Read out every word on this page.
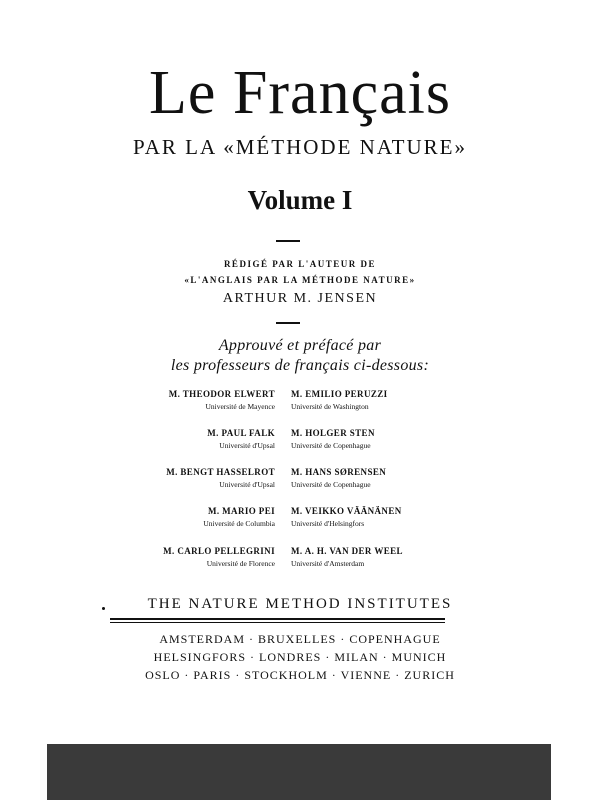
Le Français
PAR LA «MÉTHODE NATURE»
Volume I
RÉDIGÉ PAR L'AUTEUR DE
«L'ANGLAIS PAR LA MÉTHODE NATURE»
ARTHUR M. JENSEN
Approuvé et préfacé par
les professeurs de français ci-dessous:
M. THEODOR ELWERT
Université de Mayence
M. EMILIO PERUZZI
Université de Washington
M. PAUL FALK
Université d'Upsal
M. HOLGER STEN
Université de Copenhague
M. BENGT HASSELROT
Université d'Upsal
M. HANS SØRENSEN
Université de Copenhague
M. MARIO PEI
Université de Columbia
M. VEIKKO VÄÄNÄNEN
Université d'Helsingfors
M. CARLO PELLEGRINI
Université de Florence
M. A. H. VAN DER WEEL
Université d'Amsterdam
THE NATURE METHOD INSTITUTES
AMSTERDAM · BRUXELLES · COPENHAGUE
HELSINGFORS · LONDRES · MILAN · MUNICH
OSLO · PARIS · STOCKHOLM · VIENNE · ZURICH
